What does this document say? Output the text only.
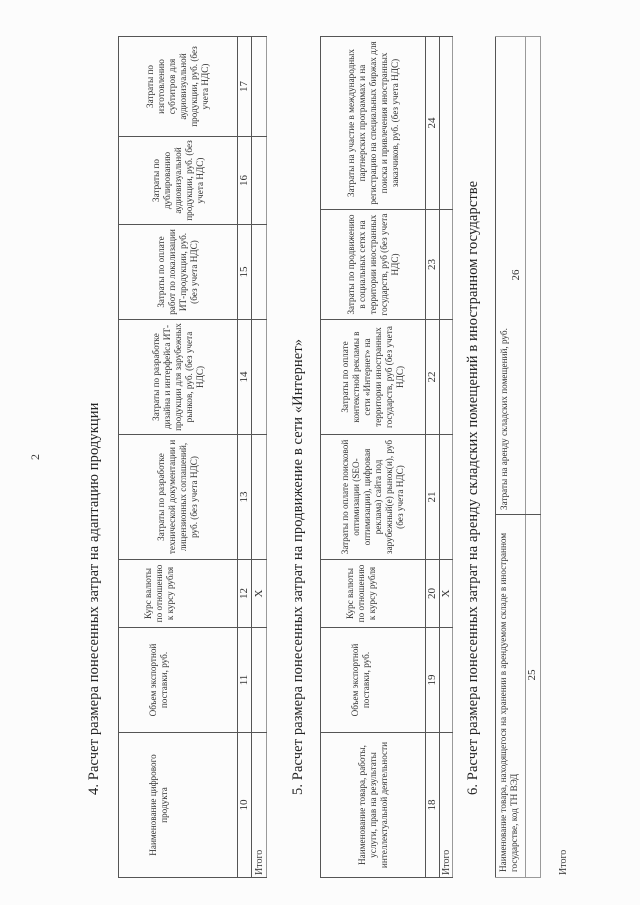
2	4. Расчет размера понесенных затрат на адаптацию продукции
Наименование цифрового продукта
Объем экспортной поставки, руб.
Курс валюты по отношению к курсу рубля
Затраты по разработке технической документации и лицензионных соглашений, руб. (без учета НДС)
Затраты по разработке дизайна и интерфейса ИТ-продукции для зарубежных рынков, руб. (без учета НДС)
Затраты по оплате работ по локализации ИТ-продукции, руб. (без учета НДС)
Затраты по дублированию аудиовизуальной продукции, руб. (без учета НДС)
Затраты по изготовлению субтитров для аудиовизуальной продукции, руб. (без учета НДС)
10
11
12
13
14
15
16
17
Итого
X 5. Расчет размера понесенных затрат на продвижение в сети «Интернет»
Наименование товара, работы, услуги, прав на результаты интеллектуальной деятельности
Объем экспортной поставки, руб.
Курс валюты по отношению к курсу рубля
Затраты по оплате поисковой оптимизации (SEO-оптимизации), цифровая реклама) сайта под зарубежный(е) рынок(и), руб (без учета НДС)
Затраты по оплате контекстной рекламы в сети «Интернет» на территории иностранных государств, руб (без учета НДС)
Затраты по продвижению в социальных сетях на территории иностранных государств, руб (без учета НДС)
Затраты на участие в международных партнерских программах и на регистрацию на специальных биржах для поиска и привлечения иностранных заказчиков, руб. (без учета НДС)
18
19
20
21
22
23
24
Итого
X 6. Расчет размера понесенных затрат на аренду складских помещений в иностранном государстве Наименование товара, находящегося на хранении в арендуемом складе в иностранном государстве, код ТН ВЭД
Затраты на аренду складских помещений, руб.
25
26
Итого
